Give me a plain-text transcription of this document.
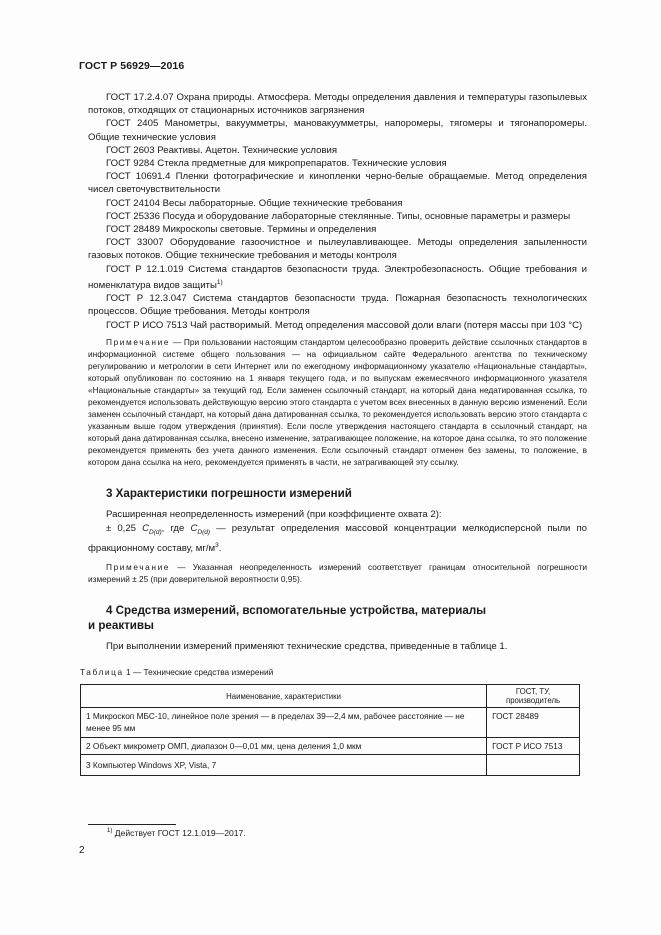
ГОСТ Р 56929—2016

ГОСТ 17.2.4.07 Охрана природы. Атмосфера. Методы определения давления и температуры газопылевых потоков, отходящих от стационарных источников загрязнения

ГОСТ 2405 Манометры, вакуумметры, мановакуумметры, напоромеры, тягомеры и тягонапоромеры. Общие технические условия

ГОСТ 2603 Реактивы. Ацетон. Технические условия

ГОСТ 9284 Стекла предметные для микропрепаратов. Технические условия

ГОСТ 10691.4 Пленки фотографические и кинопленки черно-белые обращаемые. Метод определения чисел светочувствительности

ГОСТ 24104 Весы лабораторные. Общие технические требования

ГОСТ 25336 Посуда и оборудование лабораторные стеклянные. Типы, основные параметры и размеры

ГОСТ 28489 Микроскопы световые. Термины и определения

ГОСТ 33007 Оборудование газоочистное и пылеулавливающее. Методы определения запыленности газовых потоков. Общие технические требования и методы контроля

ГОСТ Р 12.1.019 Система стандартов безопасности труда. Электробезопасность. Общие требования и номенклатура видов защиты$^{1)}$

ГОСТ Р 12.3.047 Система стандартов безопасности труда. Пожарная безопасность технологических процессов. Общие требования. Методы контроля

ГОСТ Р ИСО 7513 Чай растворимый. Метод определения массовой доли влаги (потеря массы при 103 °С)

Примечание — При пользовании настоящим стандартом целесообразно проверить действие ссылочных стандартов в информационной системе общего пользования — на официальном сайте Федерального агентства по техническому регулированию и метрологии в сети Интернет или по ежегодному информационному указателю «Национальные стандарты», который опубликован по состоянию на 1 января текущего года, и по выпускам ежемесячного информационного указателя «Национальные стандарты» за текущий год. Если заменен ссылочный стандарт, на который дана недатированная ссылка, то рекомендуется использовать действующую версию этого стандарта с учетом всех внесенных в данную версию изменений. Если заменен ссылочный стандарт, на который дана датированная ссылка, то рекомендуется использовать версию этого стандарта с указанным выше годом утверждения (принятия). Если после утверждения настоящего стандарта в ссылочный стандарт, на который дана датированная ссылка, внесено изменение, затрагивающее положение, на которое дана ссылка, то это положение рекомендуется применять без учета данного изменения. Если ссылочный стандарт отменен без замены, то положение, в котором дана ссылка на него, рекомендуется применять в части, не затрагивающей эту ссылку.

3 Характеристики погрешности измерений

Расширенная неопределенность измерений (при коэффициенте охвата 2):

± 0,25 $C_{D(d)}$, где $C_{D(d)}$ — результат определения массовой концентрации мелкодисперсной пыли по фракционному составу, $мг/м^3$.

Примечание — Указанная неопределенность измерений соответствует границам относительной погрешности измерений ± 25 (при доверительной вероятности 0,95).

4 Средства измерений, вспомогательные устройства, материалы
и реактивы

При выполнении измерений применяют технические средства, приведенные в таблице 1.

Таблица 1 — Технические средства измерений

Наименование, характеристики	ГОСТ, ТУ, производитель
1 Микроскоп МБС-10, линейное поле зрения — в пределах 39—2,4 мм, рабочее расстояние — не менее 95 мм	ГОСТ 28489
2 Объект микрометр ОМП, диапазон 0—0,01 мм, цена деления 1,0 мкм	ГОСТ Р ИСО 7513
3 Компьютер Windows XP, Vista, 7	
$^{1)}$ Действует ГОСТ 12.1.019—2017.
2
